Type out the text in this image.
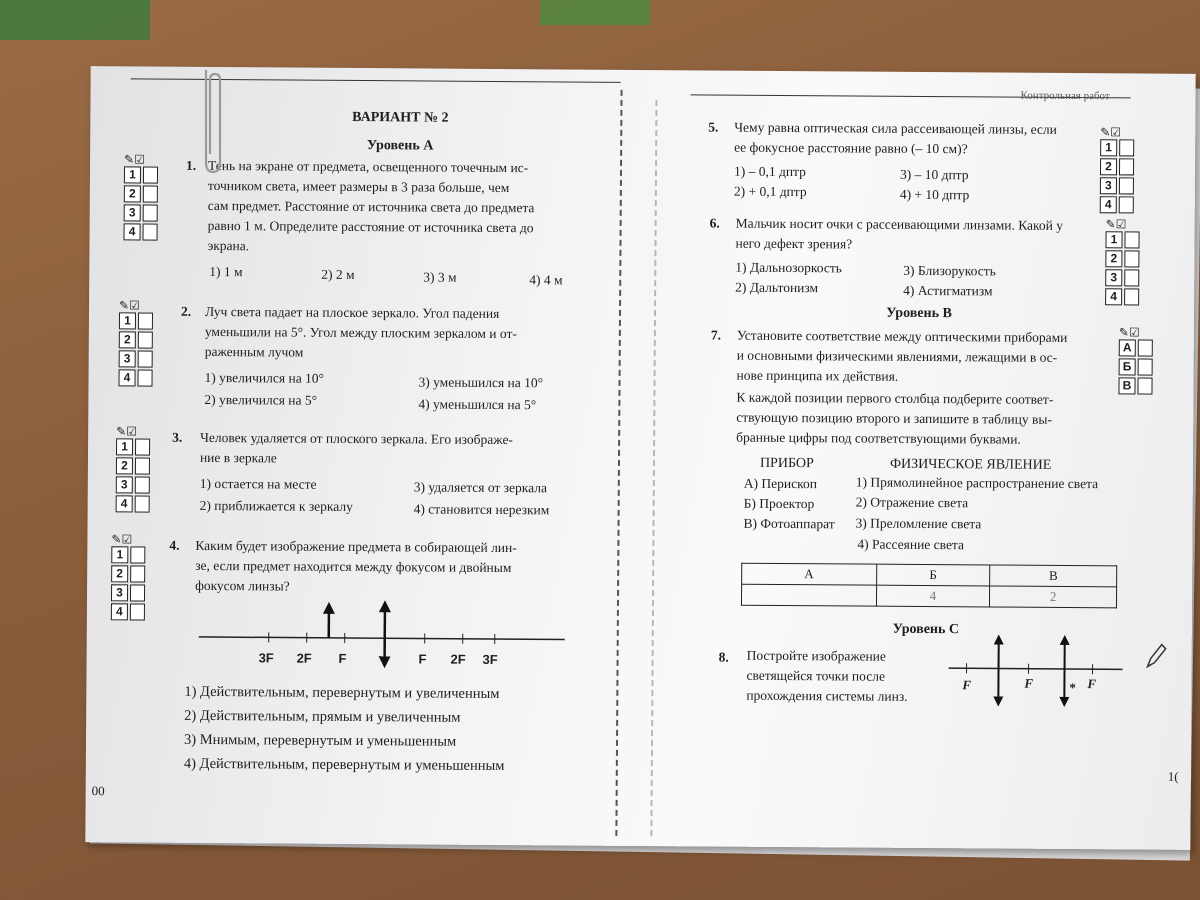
Контрольная работ
ВАРИАНТ № 2
Уровень А
✎☑
1
2
3
4
1. Тень на экране от предмета, освещенного точечным ис-
точником света, имеет размеры в 3 раза больше, чем
сам предмет. Расстояние от источника света до предмета
равно 1 м. Определите расстояние от источника света до
экрана.
1) 1 м	2) 2 м	3) 3 м	4) 4 м
✎☑
1
2
3
4
2. Луч света падает на плоское зеркало. Угол падения
уменьшили на 5°. Угол между плоским зеркалом и от-
раженным лучом
1) увеличился на 10°	3) уменьшился на 10°
2) увеличился на 5°	4) уменьшился на 5°
✎☑
1
2
3
4
3. Человек удаляется от плоского зеркала. Его изображе-
ние в зеркале
1) остается на месте	3) удаляется от зеркала
2) приближается к зеркалу	4) становится нерезким
✎☑
1
2
3
4
4. Каким будет изображение предмета в собирающей лин-
зе, если предмет находится между фокусом и двойным
фокусом линзы?
3F 2F F	F 2F 3F
1) Действительным, перевернутым и увеличенным
2) Действительным, прямым и увеличенным
3) Мнимым, перевернутым и уменьшенным
4) Действительным, перевернутым и уменьшенным
00
5. Чему равна оптическая сила рассеивающей линзы, если
ее фокусное расстояние равно (– 10 см)?
1) – 0,1 дптр	3) – 10 дптр
2) + 0,1 дптр	4) + 10 дптр
✎☑
1
2
3
4
6. Мальчик носит очки с рассеивающими линзами. Какой у
него дефект зрения?
1) Дальнозоркость	3) Близорукость
2) Дальтонизм	4) Астигматизм
✎☑
1
2
3
4
Уровень В
7. Установите соответствие между оптическими приборами
и основными физическими явлениями, лежащими в ос-
нове принципа их действия.
К каждой позиции первого столбца подберите соответ-
ствующую позицию второго и запишите в таблицу вы-
бранные цифры под соответствующими буквами.
✎☑
А
Б
В
ПРИБОР	ФИЗИЧЕСКОЕ ЯВЛЕНИЕ
А) Перископ
Б) Проектор
В) Фотоаппарат
1) Прямолинейное распространение света
2) Отражение света
3) Преломление света
4) Рассеяние света
А	Б	В
	4	2
Уровень С
8. Постройте изображение
светящейся точки после
прохождения системы линз.
F	F	* F
1(
